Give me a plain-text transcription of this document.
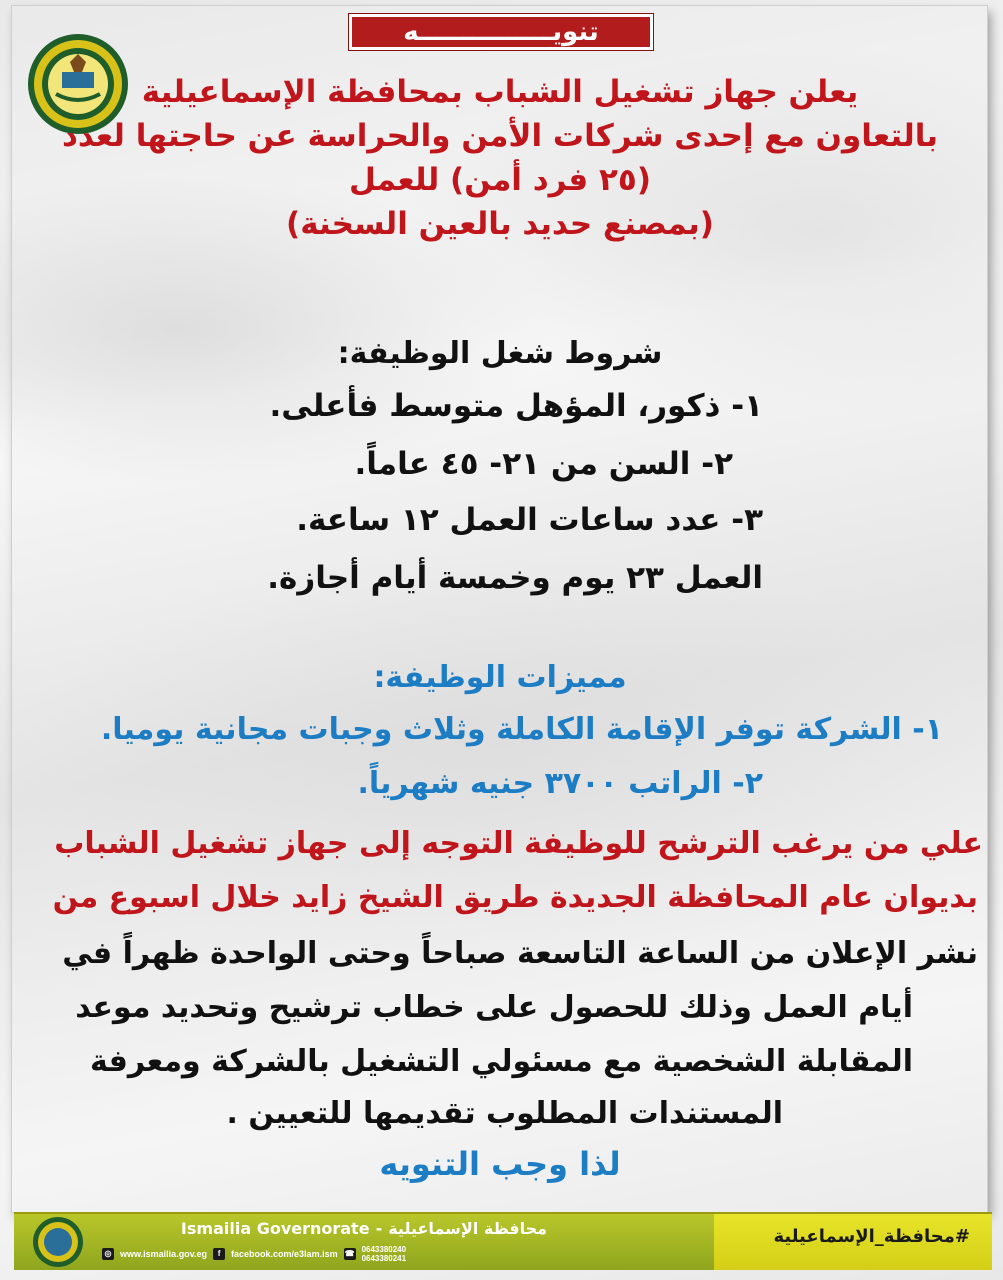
تنويـــــــــــــــه
يعلن جهاز تشغيل الشباب بمحافظة الإسماعيلية
بالتعاون مع إحدى شركات الأمن والحراسة عن حاجتها لعدد
(٢٥ فرد أمن) للعمل
(بمصنع حديد بالعين السخنة)
شروط شغل الوظيفة:
١- ذكور، المؤهل متوسط فأعلى.
٢- السن من ٢١- ٤٥ عاماً.
٣- عدد ساعات العمل ١٢ ساعة.
العمل ٢٣ يوم وخمسة أيام أجازة.
مميزات الوظيفة:
١- الشركة توفر الإقامة الكاملة وثلاث وجبات مجانية يوميا.
٢- الراتب ٣٧٠٠ جنيه شهرياً.
علي من يرغب الترشح للوظيفة التوجه إلى جهاز تشغيل الشباب
بديوان عام المحافظة الجديدة طريق الشيخ زايد خلال اسبوع من
نشر الإعلان من الساعة التاسعة صباحاً وحتى الواحدة ظهراً في
أيام العمل وذلك للحصول على خطاب ترشيح وتحديد موعد
المقابلة الشخصية مع مسئولي التشغيل بالشركة ومعرفة
المستندات المطلوب تقديمها للتعيين .
لذا وجب التنويه
Ismailia Governorate - محافظة الإسماعيلية
◎ www.ismailia.gov.eg	f	facebook.com/e3lam.ism ☎ 0643380240
0643380241
#محافظة_الإسماعيلية
